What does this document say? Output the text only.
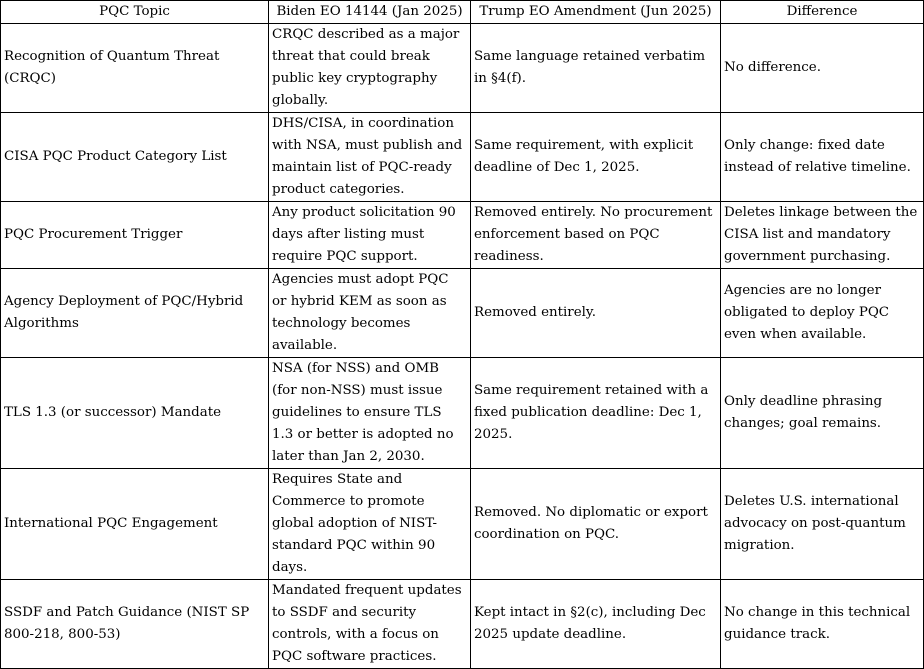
PQC Topic	Biden EO 14144 (Jan 2025)	Trump EO Amendment (Jun 2025)	Difference
Recognition of Quantum Threat (CRQC)	CRQC described as a major threat that could break public key cryptography globally.	Same language retained verbatim in §4(f).	No difference.
CISA PQC Product Category List	DHS/CISA, in coordination with NSA, must publish and maintain list of PQC-ready product categories.	Same requirement, with explicit deadline of Dec 1, 2025.	Only change: fixed date instead of relative timeline.
PQC Procurement Trigger	Any product solicitation 90 days after listing must require PQC support.	Removed entirely. No procurement enforcement based on PQC readiness.	Deletes linkage between the CISA list and mandatory government purchasing.
Agency Deployment of PQC/Hybrid Algorithms	Agencies must adopt PQC or hybrid KEM as soon as technology becomes available.	Removed entirely.	Agencies are no longer obligated to deploy PQC even when available.
TLS 1.3 (or successor) Mandate	NSA (for NSS) and OMB (for non-NSS) must issue guidelines to ensure TLS 1.3 or better is adopted no later than Jan 2, 2030.	Same requirement retained with a fixed publication deadline: Dec 1, 2025.	Only deadline phrasing changes; goal remains.
International PQC Engagement	Requires State and Commerce to promote global adoption of NIST-standard PQC within 90 days.	Removed. No diplomatic or export coordination on PQC.	Deletes U.S. international advocacy on post-quantum migration.
SSDF and Patch Guidance (NIST SP 800-218, 800-53)	Mandated frequent updates to SSDF and security controls, with a focus on PQC software practices.	Kept intact in §2(c), including Dec 2025 update deadline.	No change in this technical guidance track.
